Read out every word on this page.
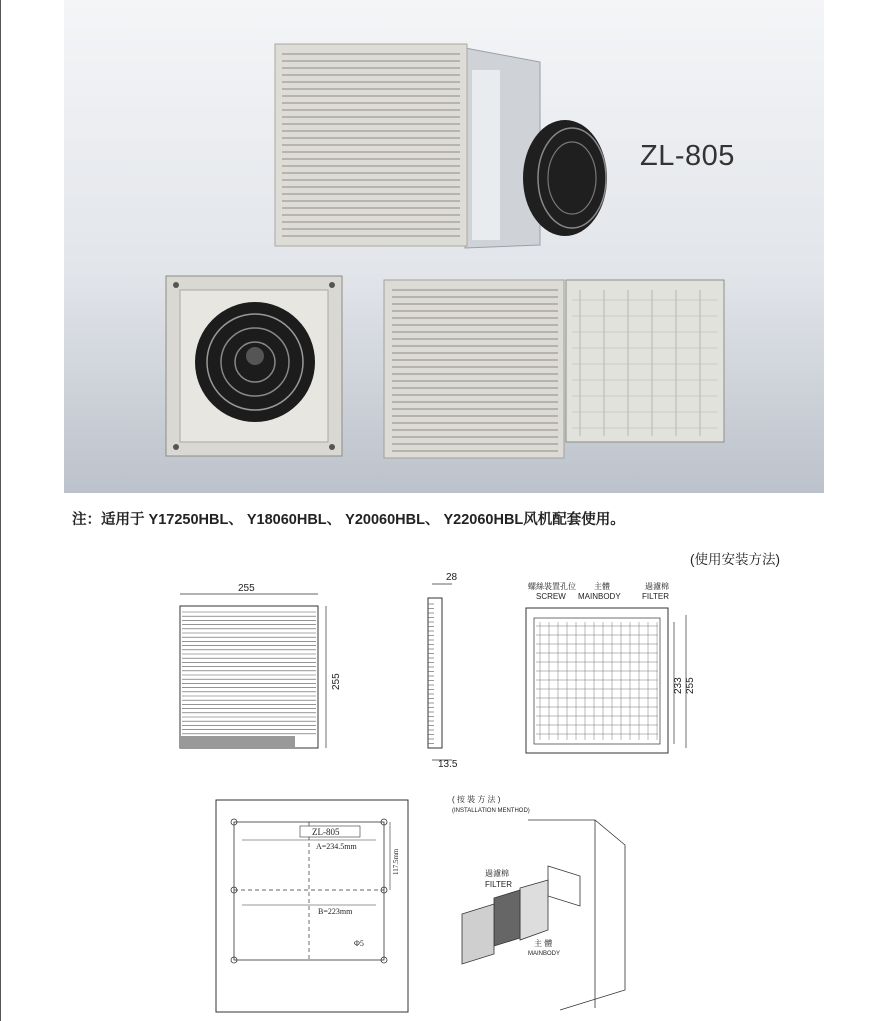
ZL-805
注：适用于 Y17250HBL、 Y18060HBL、 Y20060HBL、 Y22060HBL风机配套使用。
(使用安装方法)
255
255
28
13.5
螺絲裝置孔位
SCREW
主體
MAINBODY
過濾棉
FILTER
233 255
ZL-805
A=234.5mm
B=223mm
117.5mm
Φ5
( 按 裝 方 法 )
(INSTALLATION MENTHOD)
過濾棉
FILTER
主 體
MAINBODY
